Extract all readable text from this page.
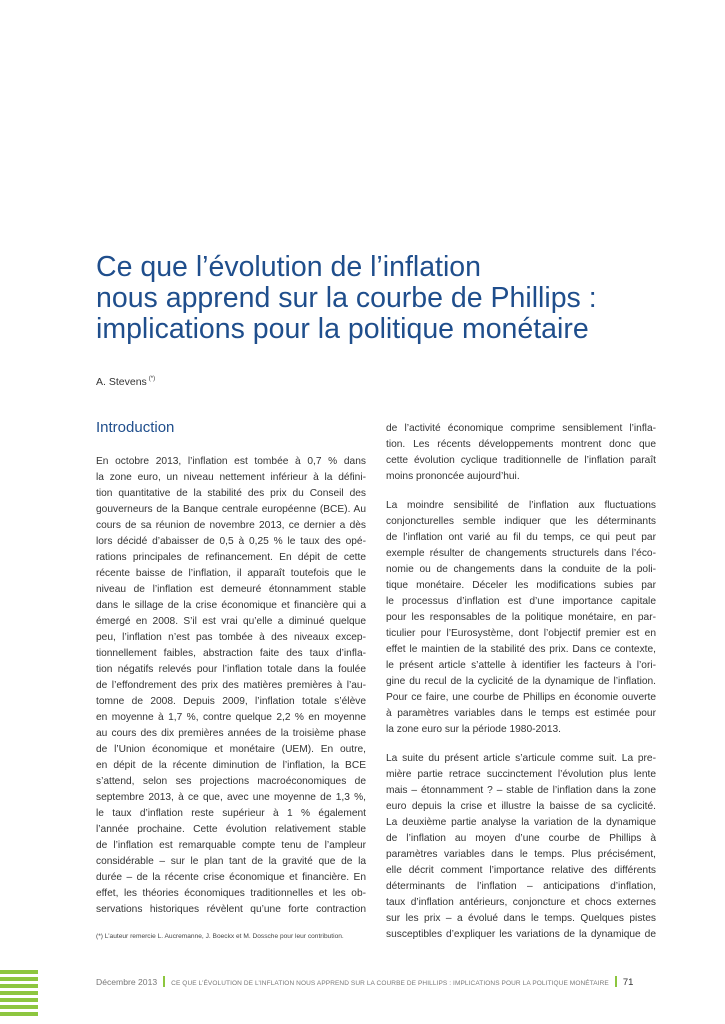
Ce que l’évolution de l’inflation
nous apprend sur la courbe de Phillips :
implications pour la politique monétaire
A. Stevens (*)
Introduction

En octobre 2013, l’inflation est tombée à 0,7 % dans
la zone euro, un niveau nettement inférieur à la défini-
tion quantitative de la stabilité des prix du Conseil des
gouverneurs de la Banque centrale européenne (BCE). Au
cours de sa réunion de novembre 2013, ce dernier a dès
lors décidé d’abaisser de 0,5 à 0,25 % le taux des opé-
rations principales de refinancement. En dépit de cette
récente baisse de l’inflation, il apparaît toutefois que le
niveau de l’inflation est demeuré étonnamment stable
dans le sillage de la crise économique et financière qui a
émergé en 2008. S’il est vrai qu’elle a diminué quelque
peu, l’inflation n’est pas tombée à des niveaux excep-
tionnellement faibles, abstraction faite des taux d’infla-
tion négatifs relevés pour l’inflation totale dans la foulée
de l’effondrement des prix des matières premières à l’au-
tomne de 2008. Depuis 2009, l’inflation totale s’élève
en moyenne à 1,7 %, contre quelque 2,2 % en moyenne
au cours des dix premières années de la troisième phase
de l’Union économique et monétaire (UEM). En outre,
en dépit de la récente diminution de l’inflation, la BCE
s’attend, selon ses projections macroéconomiques de
septembre 2013, à ce que, avec une moyenne de 1,3 %,
le taux d’inflation reste supérieur à 1 % également
l’année prochaine. Cette évolution relativement stable
de l’inflation est remarquable compte tenu de l’ampleur
considérable – sur le plan tant de la gravité que de la
durée – de la récente crise économique et financière. En
effet, les théories économiques traditionnelles et les ob-
servations historiques révèlent qu’une forte contraction

de l’activité économique comprime sensiblement l’infla-
tion. Les récents développements montrent donc que
cette évolution cyclique traditionnelle de l’inflation paraît
moins prononcée aujourd’hui.

La moindre sensibilité de l’inflation aux fluctuations
conjoncturelles semble indiquer que les déterminants
de l’inflation ont varié au fil du temps, ce qui peut par
exemple résulter de changements structurels dans l’éco-
nomie ou de changements dans la conduite de la poli-
tique monétaire. Déceler les modifications subies par
le processus d’inflation est d’une importance capitale
pour les responsables de la politique monétaire, en par-
ticulier pour l’Eurosystème, dont l’objectif premier est en
effet le maintien de la stabilité des prix. Dans ce contexte,
le présent article s’attelle à identifier les facteurs à l’ori-
gine du recul de la cyclicité de la dynamique de l’inflation.
Pour ce faire, une courbe de Phillips en économie ouverte
à paramètres variables dans le temps est estimée pour
la zone euro sur la période 1980-2013.

La suite du présent article s’articule comme suit. La pre-
mière partie retrace succinctement l’évolution plus lente
mais – étonnamment ? – stable de l’inflation dans la zone
euro depuis la crise et illustre la baisse de sa cyclicité.
La deuxième partie analyse la variation de la dynamique
de l’inflation au moyen d’une courbe de Phillips à
paramètres variables dans le temps. Plus précisément,
elle décrit comment l’importance relative des différents
déterminants de l’inflation – anticipations d’inflation,
taux d’inflation antérieurs, conjoncture et chocs externes
sur les prix – a évolué dans le temps. Quelques pistes
susceptibles d’expliquer les variations de la dynamique de

(*) L’auteur remercie L. Aucremanne, J. Boeckx et M. Dossche pour leur contribution.
Décembre 2013 CE QUE L’ÉVOLUTION DE L’INFLATION NOUS APPREND SUR LA COURBE DE PHILLIPS : IMPLICATIONS POUR LA POLITIQUE MONÉTAIRE 71
